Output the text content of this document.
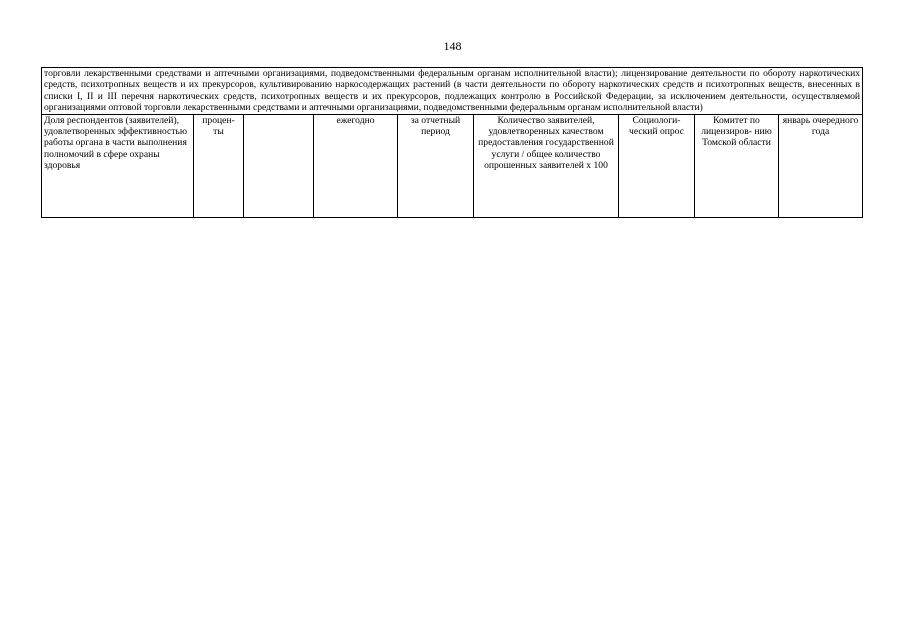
148
торговли лекарственными средствами и аптечными организациями, подведомственными федеральным органам исполнительной власти); лицензирование деятельности по обороту наркотических средств, психотропных веществ и их прекурсоров, культивированию наркосодержащих растений (в части деятельности по обороту наркотических средств и психотропных веществ, внесенных в списки I, II и III перечня наркотических средств, психотропных веществ и их прекурсоров, подлежащих контролю в Российской Федерации, за исключением деятельности, осуществляемой организациями оптовой торговли лекарственными средствами и аптечными организациями, подведомственными федеральным органам исполнительной власти)
Доля респондентов (заявителей), удовлетворенных эффективностью работы органа в части выполнения полномочий в сфере охраны здоровья	процен- ты		ежегодно	за отчетный период	Количество заявителей, удовлетворенных качеством предоставления государственной услуги / общее количество опрошенных заявителей x 100	Социологи- ческий опрос	Комитет по лицензиров- нию Томской области	январь очередного года
